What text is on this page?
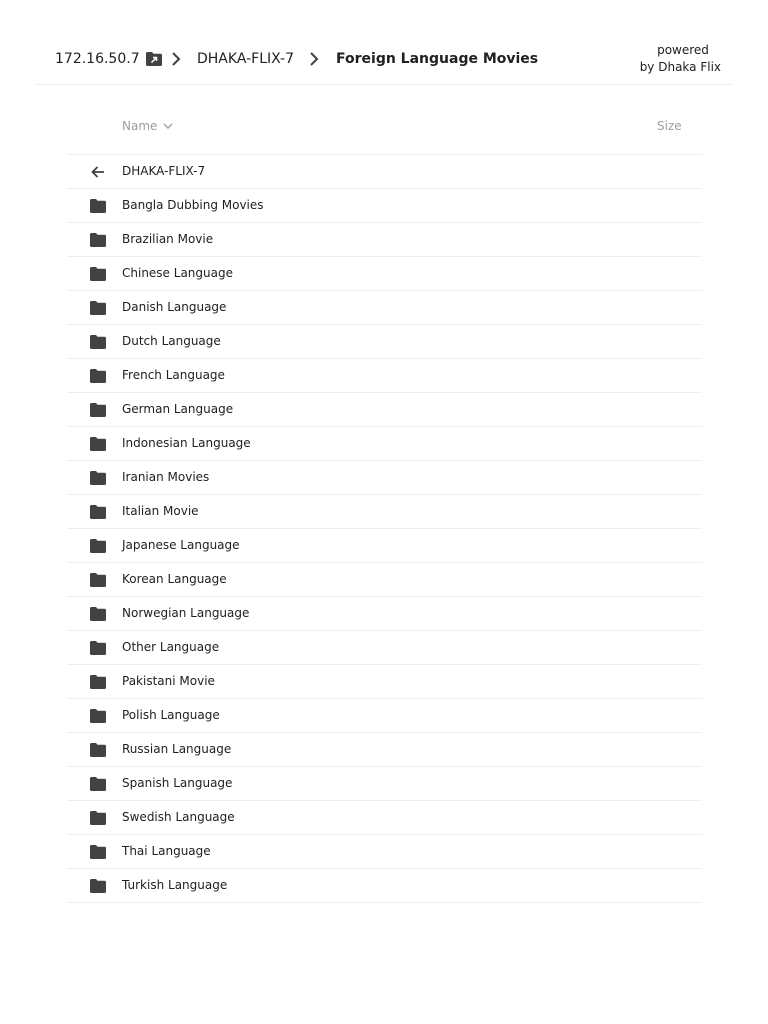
172.16.50.7	DHAKA-FLIX-7	Foreign Language Movies
powered
by Dhaka Flix
Name	Size
DHAKA-FLIX-7
Bangla Dubbing Movies
Brazilian Movie
Chinese Language
Danish Language
Dutch Language
French Language
German Language
Indonesian Language
Iranian Movies
Italian Movie
Japanese Language
Korean Language
Norwegian Language
Other Language
Pakistani Movie
Polish Language
Russian Language
Spanish Language
Swedish Language
Thai Language
Turkish Language
